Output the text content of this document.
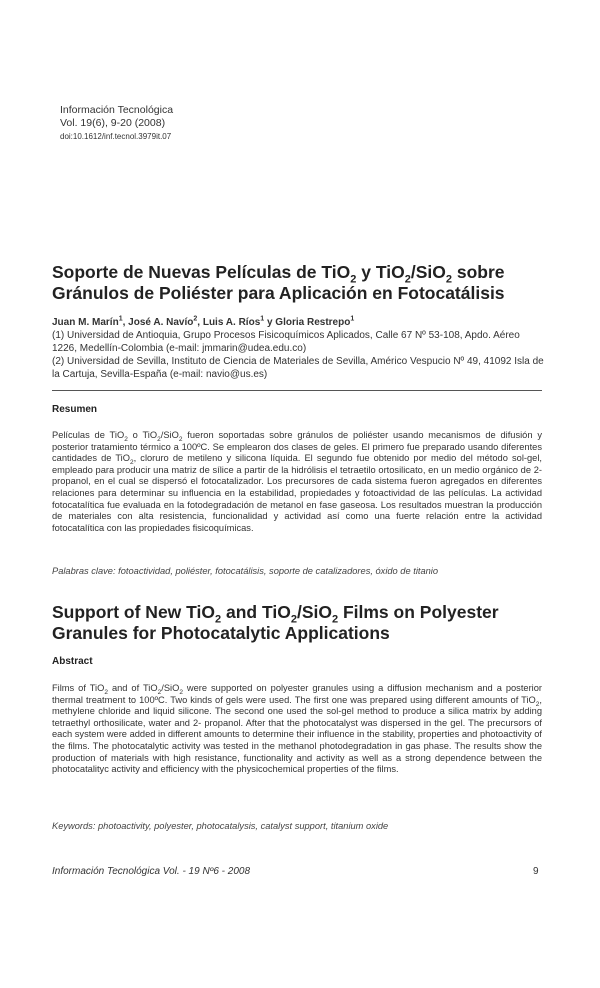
Información Tecnológica
Vol. 19(6), 9-20 (2008)
doi:10.1612/inf.tecnol.3979it.07
Soporte de Nuevas Películas de TiO$_2$ y TiO$_2$/SiO$_2$ sobre Gránulos de Poliéster para Aplicación en Fotocatálisis
Juan M. Marín$^1$, José A. Navío$^2$, Luis A. Ríos$^1$ y Gloria Restrepo$^1$
(1) Universidad de Antioquia, Grupo Procesos Fisicoquímicos Aplicados, Calle 67 Nº 53-108, Apdo. Aéreo 1226, Medellín-Colombia (e-mail: jmmarin@udea.edu.co)
(2) Universidad de Sevilla, Instituto de Ciencia de Materiales de Sevilla, Américo Vespucio Nº 49, 41092 Isla de la Cartuja, Sevilla-España (e-mail: navio@us.es)
Resumen
Películas de TiO$_2$ o TiO$_2$/SiO$_2$ fueron soportadas sobre gránulos de poliéster usando mecanismos de difusión y posterior tratamiento térmico a 100ºC. Se emplearon dos clases de geles. El primero fue preparado usando diferentes cantidades de TiO$_2$, cloruro de metileno y silicona líquida. El segundo fue obtenido por medio del método sol-gel, empleado para producir una matriz de sílice a partir de la hidrólisis el tetraetilo ortosilicato, en un medio orgánico de 2-propanol, en el cual se dispersó el fotocatalizador. Los precursores de cada sistema fueron agregados en diferentes relaciones para determinar su influencia en la estabilidad, propiedades y fotoactividad de las películas. La actividad fotocatalítica fue evaluada en la fotodegradación de metanol en fase gaseosa. Los resultados muestran la producción de materiales con alta resistencia, funcionalidad y actividad así como una fuerte relación entre la actividad fotocatalítica con las propiedades fisicoquímicas.
Palabras clave: fotoactividad, poliéster, fotocatálisis, soporte de catalizadores, óxido de titanio
Support of New TiO$_2$ and TiO$_2$/SiO$_2$ Films on Polyester Granules for Photocatalytic Applications
Abstract
Films of TiO$_2$ and of TiO$_2$/SiO$_2$ were supported on polyester granules using a diffusion mechanism and a posterior thermal treatment to 100ºC. Two kinds of gels were used. The first one was prepared using different amounts of TiO$_2$, methylene chloride and liquid silicone. The second one used the sol-gel method to produce a silica matrix by adding tetraethyl orthosilicate, water and 2- propanol. After that the photocatalyst was dispersed in the gel. The precursors of each system were added in different amounts to determine their influence in the stability, properties and photoactivity of the films. The photocatalytic activity was tested in the methanol photodegradation in gas phase. The results show the production of materials with high resistance, functionality and activity as well as a strong dependence between the photocatalityc activity and efficiency with the physicochemical properties of the films.
Keywords: photoactivity, polyester, photocatalysis, catalyst support, titanium oxide
Información Tecnológica Vol. - 19 Nº6 - 2008	9
